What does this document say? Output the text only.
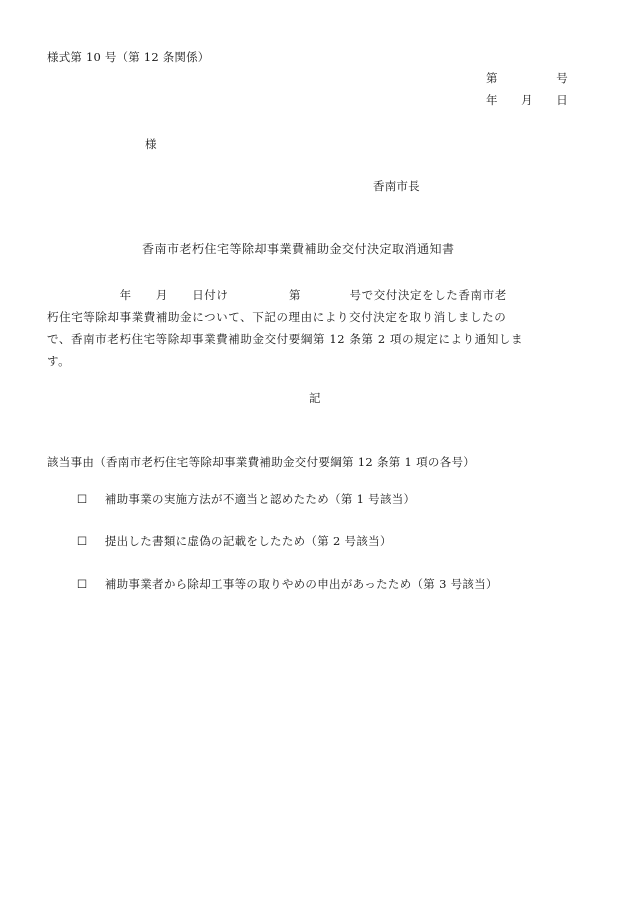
様式第 10 号（第 12 条関係）
第　　　　　号
年　　月　　日
様
香南市長
香南市老朽住宅等除却事業費補助金交付決定取消通知書
　　　　　　年　　月　　日付け　　　　　第　　　　号で交付決定をした香南市老
朽住宅等除却事業費補助金について、下記の理由により交付決定を取り消しましたの
で、香南市老朽住宅等除却事業費補助金交付要綱第 12 条第 2 項の規定により通知しま
す。
記
該当事由（香南市老朽住宅等除却事業費補助金交付要綱第 12 条第 1 項の各号）

☐ 補助事業の実施方法が不適当と認めたため（第 1 号該当）

☐ 提出した書類に虚偽の記載をしたため（第 2 号該当）

☐ 補助事業者から除却工事等の取りやめの申出があったため（第 3 号該当）
